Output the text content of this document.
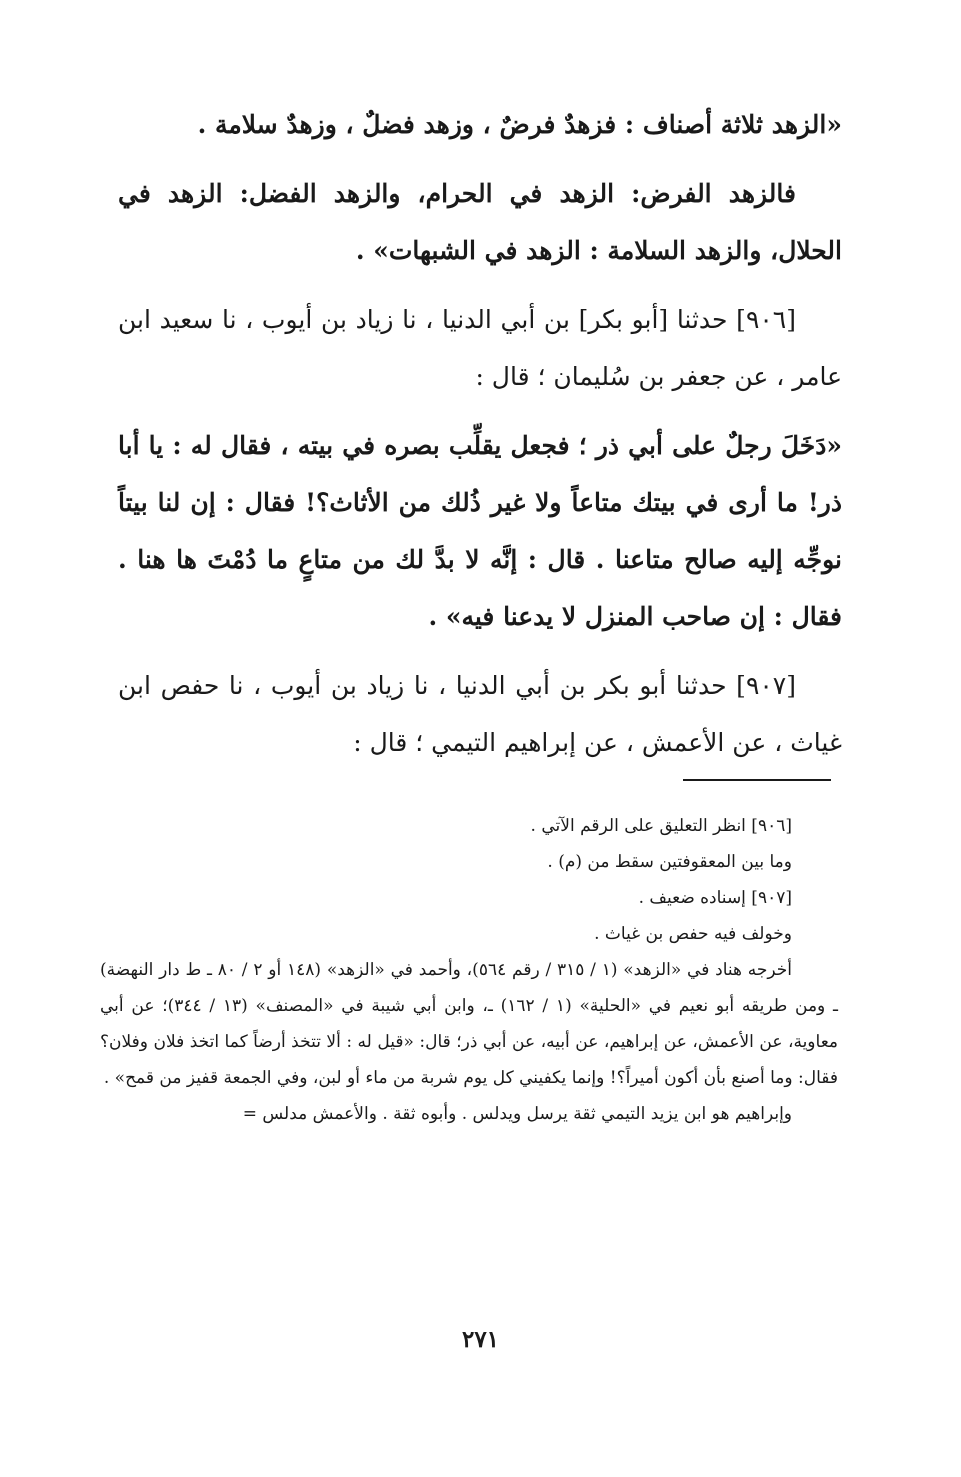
«الزهد ثلاثة أصناف : فزهدٌ فرضٌ ، وزهد فضلٌ ، وزهدٌ سلامة .

فالزهد الفرض: الزهد في الحرام، والزهد الفضل: الزهد في الحلال، والزهد السلامة : الزهد في الشبهات» .

[٩٠٦] حدثنا [أبو بكر] بن أبي الدنيا ، نا زياد بن أيوب ، نا سعيد ابن عامر ، عن جعفر بن سُليمان ؛ قال :

«دَخَلَ رجلٌ على أبي ذر ؛ فجعل يقلِّب بصره في بيته ، فقال له : يا أبا ذر! ما أرى في بيتك متاعاً ولا غير ذُلك من الأثاث؟! فقال : إن لنا بيتاً نوجِّه إليه صالح متاعنا . قال : إنَّه لا بدَّ لك من متاعٍ ما دُمْتَ ها هنا . فقال : إن صاحب المنزل لا يدعنا فيه» .

[٩٠٧] حدثنا أبو بكر بن أبي الدنيا ، نا زياد بن أيوب ، نا حفص ابن غياث ، عن الأعمش ، عن إبراهيم التيمي ؛ قال :

[٩٠٦] انظر التعليق على الرقم الآتي .

وما بين المعقوفتين سقط من (م) .

[٩٠٧] إسناده ضعيف .

وخولف فيه حفص بن غياث .

أخرجه هناد في «الزهد» (١ / ٣١٥ / رقم ٥٦٤)، وأحمد في «الزهد» (١٤٨ أو ٢ / ٨٠ ـ ط دار النهضة) ـ ومن طريقه أبو نعيم في «الحلية» (١ / ١٦٢) ـ، وابن أبي شيبة في «المصنف» (١٣ / ٣٤٤)؛ عن أبي معاوية، عن الأعمش، عن إبراهيم، عن أبيه، عن أبي ذر؛ قال: «قيل له : ألا تتخذ أرضاً كما اتخذ فلان وفلان؟ فقال: وما أصنع بأن أكون أميراً؟! وإنما يكفيني كل يوم شربة من ماء أو لبن، وفي الجمعة قفيز من قمح» .

وإبراهيم هو ابن يزيد التيمي ثقة يرسل ويدلس . وأبوه ثقة . والأعمش مدلس =

٢٧١
